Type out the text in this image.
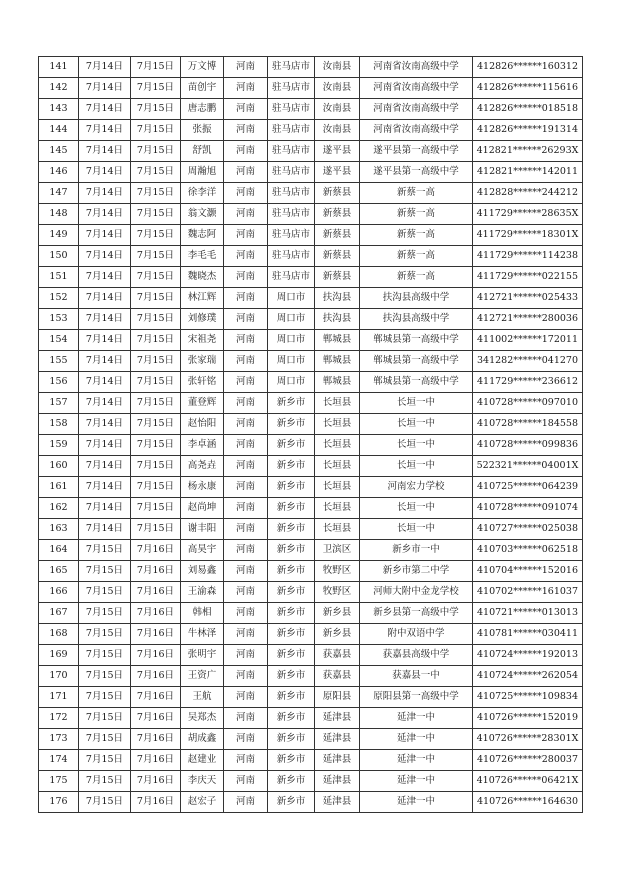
141	7月14日	7月15日	万文博	河南	驻马店市	汝南县	河南省汝南高级中学	412826******160312
142	7月14日	7月15日	苗创宇	河南	驻马店市	汝南县	河南省汝南高级中学	412826******115616
143	7月14日	7月15日	唐志鹏	河南	驻马店市	汝南县	河南省汝南高级中学	412826******018518
144	7月14日	7月15日	张振	河南	驻马店市	汝南县	河南省汝南高级中学	412826******191314
145	7月14日	7月15日	舒凯	河南	驻马店市	遂平县	遂平县第一高级中学	412821******26293X
146	7月14日	7月15日	周瀚旭	河南	驻马店市	遂平县	遂平县第一高级中学	412821******142011
147	7月14日	7月15日	徐李洋	河南	驻马店市	新蔡县	新蔡一高	412828******244212
148	7月14日	7月15日	翁文灏	河南	驻马店市	新蔡县	新蔡一高	411729******28635X
149	7月14日	7月15日	魏志阿	河南	驻马店市	新蔡县	新蔡一高	411729******18301X
150	7月14日	7月15日	李毛毛	河南	驻马店市	新蔡县	新蔡一高	411729******114238
151	7月14日	7月15日	魏晓杰	河南	驻马店市	新蔡县	新蔡一高	411729******022155
152	7月14日	7月15日	林江辉	河南	周口市	扶沟县	扶沟县高级中学	412721******025433
153	7月14日	7月15日	刘修璞	河南	周口市	扶沟县	扶沟县高级中学	412721******280036
154	7月14日	7月15日	宋祖尧	河南	周口市	郸城县	郸城县第一高级中学	411002******172011
155	7月14日	7月15日	张家瑞	河南	周口市	郸城县	郸城县第一高级中学	341282******041270
156	7月14日	7月15日	张轩铭	河南	周口市	郸城县	郸城县第一高级中学	411729******236612
157	7月14日	7月15日	董登辉	河南	新乡市	长垣县	长垣一中	410728******097010
158	7月14日	7月15日	赵怡阳	河南	新乡市	长垣县	长垣一中	410728******184558
159	7月14日	7月15日	李卓涵	河南	新乡市	长垣县	长垣一中	410728******099836
160	7月14日	7月15日	高尧垚	河南	新乡市	长垣县	长垣一中	522321******04001X
161	7月14日	7月15日	杨永康	河南	新乡市	长垣县	河南宏力学校	410725******064239
162	7月14日	7月15日	赵尚坤	河南	新乡市	长垣县	长垣一中	410728******091074
163	7月14日	7月15日	谢丰阳	河南	新乡市	长垣县	长垣一中	410727******025038
164	7月15日	7月16日	高昊宇	河南	新乡市	卫滨区	新乡市一中	410703******062518
165	7月15日	7月16日	刘易鑫	河南	新乡市	牧野区	新乡市第二中学	410704******152016
166	7月15日	7月16日	王渝森	河南	新乡市	牧野区	河师大附中金龙学校	410702******161037
167	7月15日	7月16日	韩相	河南	新乡市	新乡县	新乡县第一高级中学	410721******013013
168	7月15日	7月16日	牛林泽	河南	新乡市	新乡县	附中双语中学	410781******030411
169	7月15日	7月16日	张明宇	河南	新乡市	获嘉县	获嘉县高级中学	410724******192013
170	7月15日	7月16日	王资广	河南	新乡市	获嘉县	获嘉县一中	410724******262054
171	7月15日	7月16日	王航	河南	新乡市	原阳县	原阳县第一高级中学	410725******109834
172	7月15日	7月16日	吴郑杰	河南	新乡市	延津县	延津一中	410726******152019
173	7月15日	7月16日	胡成鑫	河南	新乡市	延津县	延津一中	410726******28301X
174	7月15日	7月16日	赵建业	河南	新乡市	延津县	延津一中	410726******280037
175	7月15日	7月16日	李庆天	河南	新乡市	延津县	延津一中	410726******06421X
176	7月15日	7月16日	赵宏子	河南	新乡市	延津县	延津一中	410726******164630
